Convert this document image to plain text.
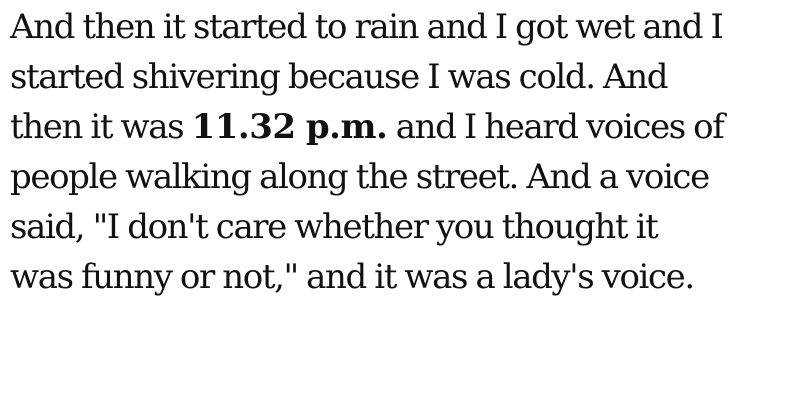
And then it started to rain and I got wet and I
started shivering because I was cold. And
then it was 11.32 p.m. and I heard voices of
people walking along the street. And a voice
said, "I don't care whether you thought it
was funny or not," and it was a lady's voice.
